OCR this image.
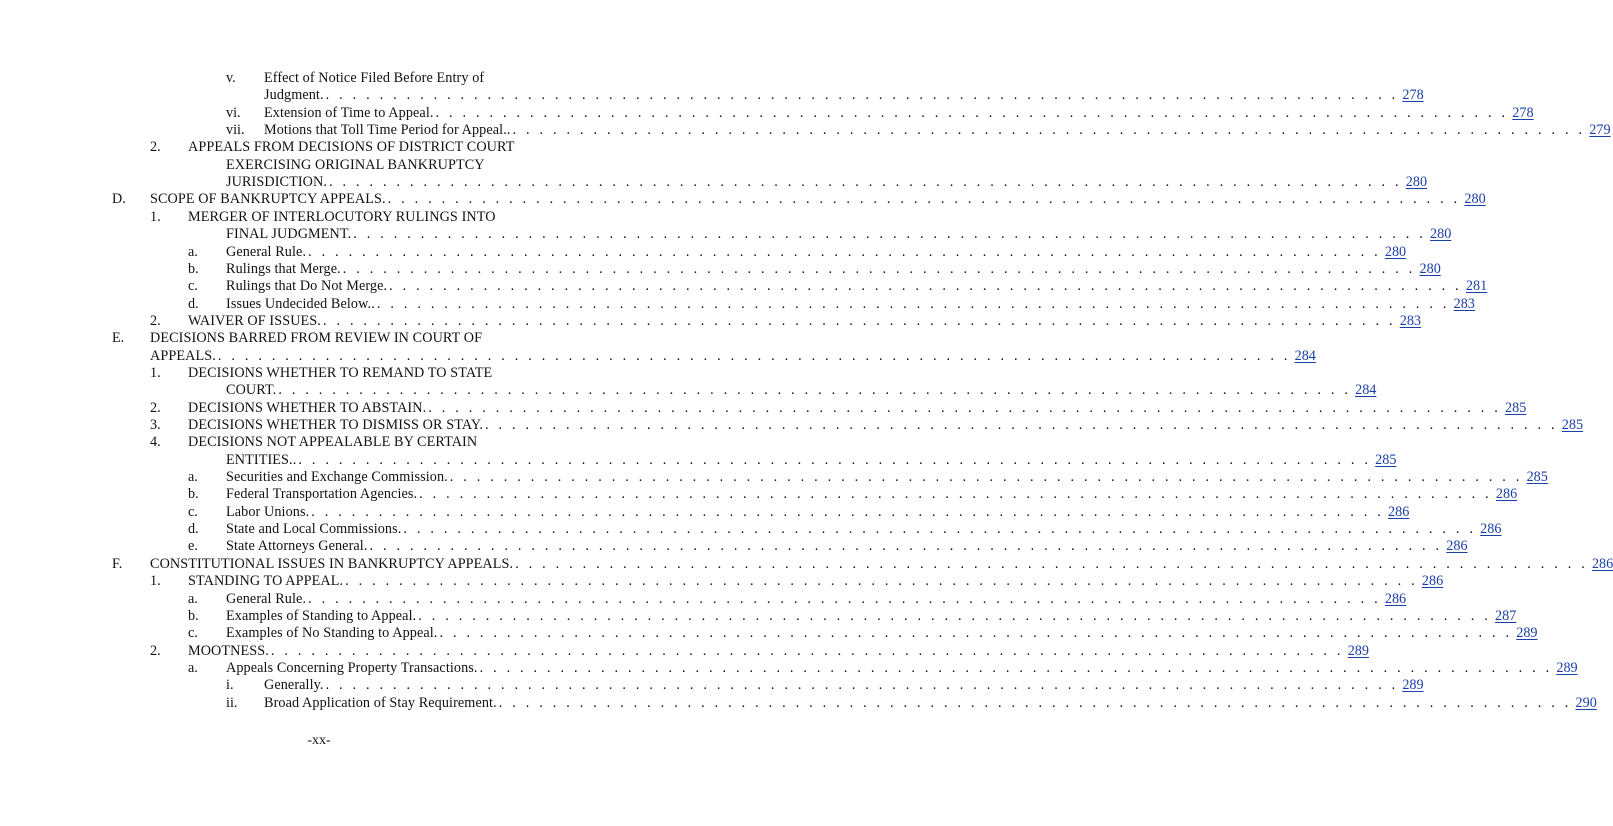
v. Effect of Notice Filed Before Entry of
Judgment. . . . . . . . . . . . . . . . . . . . . . . . . . . . . . . . . . . . . . . . . . . . . . . . . . . . . . . . . . . . . . . . . . . . . . . . . . . . . . . . . 278
vi. Extension of Time to Appeal. . . . . . . . . . . . . . . . . . . . . . . . . . . . . . . . . . . . . . . . . . . . . . . . . . . . . . . . . . . . . . . . . . . . . . . . . . . . . . . . . 278
vii. Motions that Toll Time Period for Appeal.. . . . . . . . . . . . . . . . . . . . . . . . . . . . . . . . . . . . . . . . . . . . . . . . . . . . . . . . . . . . . . . . . . . . . . . . . . . . . . . . . 279
2. APPEALS FROM DECISIONS OF DISTRICT COURT
EXERCISING ORIGINAL BANKRUPTCY
JURISDICTION. . . . . . . . . . . . . . . . . . . . . . . . . . . . . . . . . . . . . . . . . . . . . . . . . . . . . . . . . . . . . . . . . . . . . . . . . . . . . . . . . 280
D. SCOPE OF BANKRUPTCY APPEALS. . . . . . . . . . . . . . . . . . . . . . . . . . . . . . . . . . . . . . . . . . . . . . . . . . . . . . . . . . . . . . . . . . . . . . . . . . . . . . . . . 280
1. MERGER OF INTERLOCUTORY RULINGS INTO
FINAL JUDGMENT. . . . . . . . . . . . . . . . . . . . . . . . . . . . . . . . . . . . . . . . . . . . . . . . . . . . . . . . . . . . . . . . . . . . . . . . . . . . . . . . . 280
a. General Rule. . . . . . . . . . . . . . . . . . . . . . . . . . . . . . . . . . . . . . . . . . . . . . . . . . . . . . . . . . . . . . . . . . . . . . . . . . . . . . . . . 280
b. Rulings that Merge. . . . . . . . . . . . . . . . . . . . . . . . . . . . . . . . . . . . . . . . . . . . . . . . . . . . . . . . . . . . . . . . . . . . . . . . . . . . . . . . . 280
c. Rulings that Do Not Merge. . . . . . . . . . . . . . . . . . . . . . . . . . . . . . . . . . . . . . . . . . . . . . . . . . . . . . . . . . . . . . . . . . . . . . . . . . . . . . . . . 281
d. Issues Undecided Below.. . . . . . . . . . . . . . . . . . . . . . . . . . . . . . . . . . . . . . . . . . . . . . . . . . . . . . . . . . . . . . . . . . . . . . . . . . . . . . . . . 283
2. WAIVER OF ISSUES. . . . . . . . . . . . . . . . . . . . . . . . . . . . . . . . . . . . . . . . . . . . . . . . . . . . . . . . . . . . . . . . . . . . . . . . . . . . . . . . . 283
E. DECISIONS BARRED FROM REVIEW IN COURT OF
APPEALS. . . . . . . . . . . . . . . . . . . . . . . . . . . . . . . . . . . . . . . . . . . . . . . . . . . . . . . . . . . . . . . . . . . . . . . . . . . . . . . . . 284
1. DECISIONS WHETHER TO REMAND TO STATE
COURT. . . . . . . . . . . . . . . . . . . . . . . . . . . . . . . . . . . . . . . . . . . . . . . . . . . . . . . . . . . . . . . . . . . . . . . . . . . . . . . . . 284
2. DECISIONS WHETHER TO ABSTAIN. . . . . . . . . . . . . . . . . . . . . . . . . . . . . . . . . . . . . . . . . . . . . . . . . . . . . . . . . . . . . . . . . . . . . . . . . . . . . . . . . 285
3. DECISIONS WHETHER TO DISMISS OR STAY. . . . . . . . . . . . . . . . . . . . . . . . . . . . . . . . . . . . . . . . . . . . . . . . . . . . . . . . . . . . . . . . . . . . . . . . . . . . . . . . . 285
4. DECISIONS NOT APPEALABLE BY CERTAIN
ENTITIES.. . . . . . . . . . . . . . . . . . . . . . . . . . . . . . . . . . . . . . . . . . . . . . . . . . . . . . . . . . . . . . . . . . . . . . . . . . . . . . . . . 285
a. Securities and Exchange Commission. . . . . . . . . . . . . . . . . . . . . . . . . . . . . . . . . . . . . . . . . . . . . . . . . . . . . . . . . . . . . . . . . . . . . . . . . . . . . . . . . 285
b. Federal Transportation Agencies. . . . . . . . . . . . . . . . . . . . . . . . . . . . . . . . . . . . . . . . . . . . . . . . . . . . . . . . . . . . . . . . . . . . . . . . . . . . . . . . . 286
c. Labor Unions. . . . . . . . . . . . . . . . . . . . . . . . . . . . . . . . . . . . . . . . . . . . . . . . . . . . . . . . . . . . . . . . . . . . . . . . . . . . . . . . . 286
d. State and Local Commissions. . . . . . . . . . . . . . . . . . . . . . . . . . . . . . . . . . . . . . . . . . . . . . . . . . . . . . . . . . . . . . . . . . . . . . . . . . . . . . . . . 286
e. State Attorneys General. . . . . . . . . . . . . . . . . . . . . . . . . . . . . . . . . . . . . . . . . . . . . . . . . . . . . . . . . . . . . . . . . . . . . . . . . . . . . . . . . 286
F. CONSTITUTIONAL ISSUES IN BANKRUPTCY APPEALS. . . . . . . . . . . . . . . . . . . . . . . . . . . . . . . . . . . . . . . . . . . . . . . . . . . . . . . . . . . . . . . . . . . . . . . . . . . . . . . . . 286
1. STANDING TO APPEAL. . . . . . . . . . . . . . . . . . . . . . . . . . . . . . . . . . . . . . . . . . . . . . . . . . . . . . . . . . . . . . . . . . . . . . . . . . . . . . . . . 286
a. General Rule. . . . . . . . . . . . . . . . . . . . . . . . . . . . . . . . . . . . . . . . . . . . . . . . . . . . . . . . . . . . . . . . . . . . . . . . . . . . . . . . . 286
b. Examples of Standing to Appeal. . . . . . . . . . . . . . . . . . . . . . . . . . . . . . . . . . . . . . . . . . . . . . . . . . . . . . . . . . . . . . . . . . . . . . . . . . . . . . . . . 287
c. Examples of No Standing to Appeal. . . . . . . . . . . . . . . . . . . . . . . . . . . . . . . . . . . . . . . . . . . . . . . . . . . . . . . . . . . . . . . . . . . . . . . . . . . . . . . . . 289
2. MOOTNESS. . . . . . . . . . . . . . . . . . . . . . . . . . . . . . . . . . . . . . . . . . . . . . . . . . . . . . . . . . . . . . . . . . . . . . . . . . . . . . . . . 289
a. Appeals Concerning Property Transactions. . . . . . . . . . . . . . . . . . . . . . . . . . . . . . . . . . . . . . . . . . . . . . . . . . . . . . . . . . . . . . . . . . . . . . . . . . . . . . . . . 289
i. Generally. . . . . . . . . . . . . . . . . . . . . . . . . . . . . . . . . . . . . . . . . . . . . . . . . . . . . . . . . . . . . . . . . . . . . . . . . . . . . . . . . 289
ii. Broad Application of Stay Requirement. . . . . . . . . . . . . . . . . . . . . . . . . . . . . . . . . . . . . . . . . . . . . . . . . . . . . . . . . . . . . . . . . . . . . . . . . . . . . . . . . 290
-xx-
